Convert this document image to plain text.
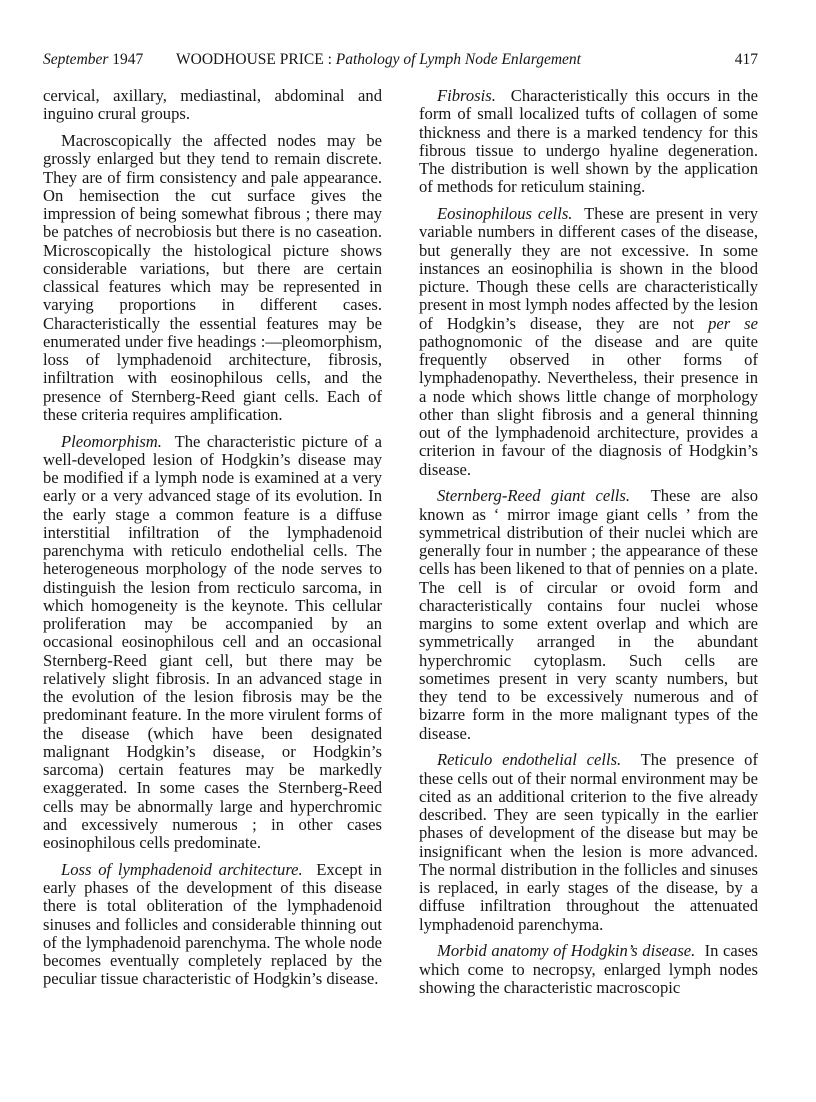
September 1947 WOODHOUSE PRICE : Pathology of Lymph Node Enlargement	417

cervical, axillary, mediastinal, abdominal and inguino crural groups.

Macroscopically the affected nodes may be grossly enlarged but they tend to remain discrete. They are of firm consistency and pale appearance. On hemisection the cut surface gives the impression of being somewhat fibrous ; there may be patches of necrobiosis but there is no caseation. Microscopically the histological picture shows considerable variations, but there are certain classical features which may be represented in varying proportions in different cases. Characteristically the essential features may be enumerated under five headings :—pleomorphism, loss of lymphadenoid architecture, fibrosis, infiltration with eosinophilous cells, and the presence of Sternberg-Reed giant cells. Each of these criteria requires amplification.

Pleomorphism. The characteristic picture of a well-developed lesion of Hodgkin’s disease may be modified if a lymph node is examined at a very early or a very advanced stage of its evolution. In the early stage a common feature is a diffuse interstitial infiltration of the lymphadenoid parenchyma with reticulo endothelial cells. The heterogeneous morphology of the node serves to distinguish the lesion from recticulo sarcoma, in which homogeneity is the keynote. This cellular proliferation may be accompanied by an occasional eosinophilous cell and an occasional Sternberg-Reed giant cell, but there may be relatively slight fibrosis. In an advanced stage in the evolution of the lesion fibrosis may be the predominant feature. In the more virulent forms of the disease (which have been designated malignant Hodgkin’s disease, or Hodgkin’s sarcoma) certain features may be markedly exaggerated. In some cases the Sternberg-Reed cells may be abnormally large and hyperchromic and excessively numerous ; in other cases eosinophilous cells predominate.

Loss of lymphadenoid architecture. Except in early phases of the development of this disease there is total obliteration of the lymphadenoid sinuses and follicles and considerable thinning out of the lymphadenoid parenchyma. The whole node becomes eventually completely replaced by the peculiar tissue characteristic of Hodgkin’s disease.

Fibrosis. Characteristically this occurs in the form of small localized tufts of collagen of some thickness and there is a marked tendency for this fibrous tissue to undergo hyaline degeneration. The distribution is well shown by the application of methods for reticulum staining.

Eosinophilous cells. These are present in very variable numbers in different cases of the disease, but generally they are not excessive. In some instances an eosinophilia is shown in the blood picture. Though these cells are characteristically present in most lymph nodes affected by the lesion of Hodgkin’s disease, they are not per se pathognomonic of the disease and are quite frequently observed in other forms of lymphadenopathy. Nevertheless, their presence in a node which shows little change of morphology other than slight fibrosis and a general thinning out of the lymphadenoid architecture, provides a criterion in favour of the diagnosis of Hodgkin’s disease.

Sternberg-Reed giant cells. These are also known as ‘ mirror image giant cells ’ from the symmetrical distribution of their nuclei which are generally four in number ; the appearance of these cells has been likened to that of pennies on a plate. The cell is of circular or ovoid form and characteristically contains four nuclei whose margins to some extent overlap and which are symmetrically arranged in the abundant hyperchromic cytoplasm. Such cells are sometimes present in very scanty numbers, but they tend to be excessively numerous and of bizarre form in the more malignant types of the disease.

Reticulo endothelial cells. The presence of these cells out of their normal environment may be cited as an additional criterion to the five already described. They are seen typically in the earlier phases of development of the disease but may be insignificant when the lesion is more advanced. The normal distribution in the follicles and sinuses is replaced, in early stages of the disease, by a diffuse infiltration throughout the attenuated lymphadenoid parenchyma.

Morbid anatomy of Hodgkin’s disease. In cases which come to necropsy, enlarged lymph nodes showing the characteristic macroscopic
